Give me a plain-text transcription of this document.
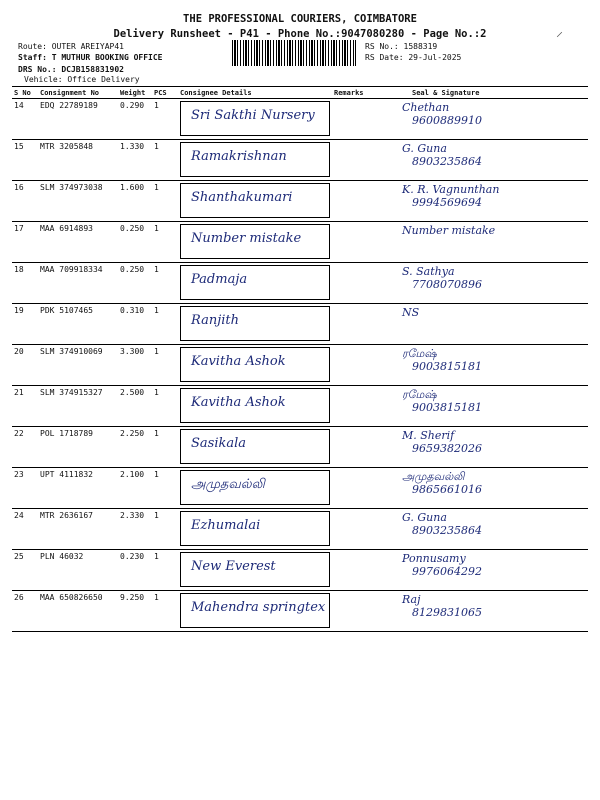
THE PROFESSIONAL COURIERS, COIMBATORE
Delivery Runsheet - P41 - Phone No.:9047080280 - Page No.:2
Route: OUTER AREIYAP41
Staff: T MUTHUR BOOKING OFFICE
DRS No.: DCJB158831902
Vehicle: Office Delivery
RS No.: 1588319
RS Date: 29-Jul-2025
⸝
S No	Consignment No	Weight	PCS	Consignee Details	Remarks	Seal & Signature
14	EDQ 22789189	0.290	1	Sri Sakthi Nursery		Chethan
9600889910

15	MTR 3205848	1.330	1	Ramakrishnan		G. Guna
8903235864

16	SLM 374973038	1.600	1	Shanthakumari		K. R. Vagnunthan
9994569694

17	MAA 6914893	0.250	1	Number mistake		Number mistake

18	MAA 709918334	0.250	1	Padmaja		S. Sathya
7708070896

19	PDK 5107465	0.310	1	Ranjith		NS

20	SLM 374910069	3.300	1	Kavitha Ashok		ரமேஷ்
9003815181

21	SLM 374915327	2.500	1	Kavitha Ashok		ரமேஷ்
9003815181

22	POL 1718789	2.250	1	Sasikala		M. Sherif
9659382026

23	UPT 4111832	2.100	1	அமுதவல்லி		அமுதவல்லி
9865661016

24	MTR 2636167	2.330	1	Ezhumalai		G. Guna
8903235864

25	PLN 46032	0.230	1	New Everest		Ponnusamy
9976064292

26	MAA 650826650	9.250	1	Mahendra springtex		Raj
8129831065
